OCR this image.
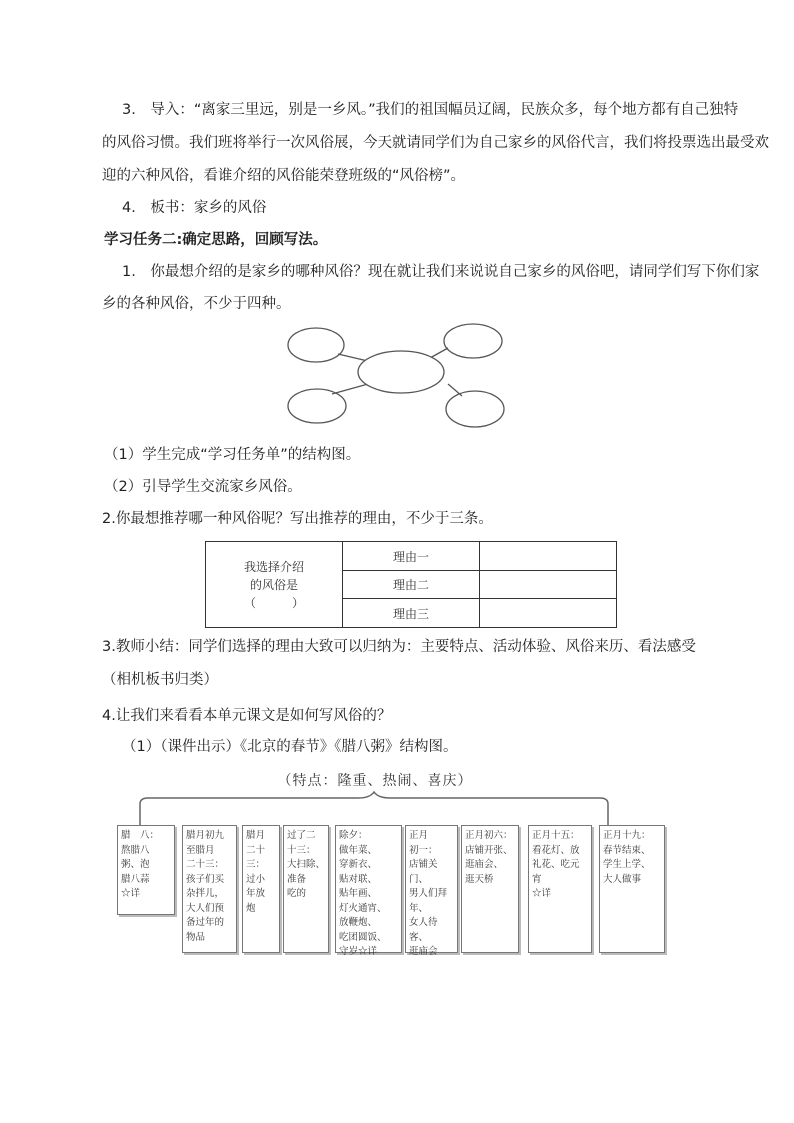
3.　导入：“离家三里远，别是一乡风。”我们的祖国幅员辽阔，民族众多，每个地方都有自己独特
的风俗习惯。我们班将举行一次风俗展，今天就请同学们为自己家乡的风俗代言，我们将投票选出最受欢
迎的六种风俗，看谁介绍的风俗能荣登班级的“风俗榜”。
4.　板书：家乡的风俗
学习任务二:确定思路，回顾写法。
1.　你最想介绍的是家乡的哪种风俗？现在就让我们来说说自己家乡的风俗吧，请同学们写下你们家
乡的各种风俗，不少于四种。
（1）学生完成“学习任务单”的结构图。
（2）引导学生交流家乡风俗。
2.你最想推荐哪一种风俗呢？写出推荐的理由，不少于三条。
我选择介绍
的风俗是
（　　　）	理由一	
	理由二	
	理由三	
3.教师小结：同学们选择的理由大致可以归纳为：主要特点、活动体验、风俗来历、看法感受
（相机板书归类）
4.让我们来看看本单元课文是如何写风俗的？
（1）（课件出示）《北京的春节》《腊八粥》结构图。
（特点：隆重、热闹、喜庆）
腊　八：
熬腊八
粥、泡
腊八蒜
☆详
腊月初九
至腊月
二十三：
孩子们买
杂拌儿，
大人们预
备过年的
物品
腊月
二十
三：
过小
年放
炮
过了二
十三：
大扫除、
准备
吃的
除夕：
做年菜、
穿新衣、
贴对联、
贴年画、
灯火通宵、
放鞭炮、
吃团圆饭、
守岁☆详
正月
初一：
店铺关门、
男人们拜年、
女人待客、
逛庙会
正月初六：
店铺开张、
逛庙会、
逛天桥
正月十五：
看花灯、放
礼花、吃元
宵
☆详
正月十九：
春节结束、
学生上学、
大人做事
